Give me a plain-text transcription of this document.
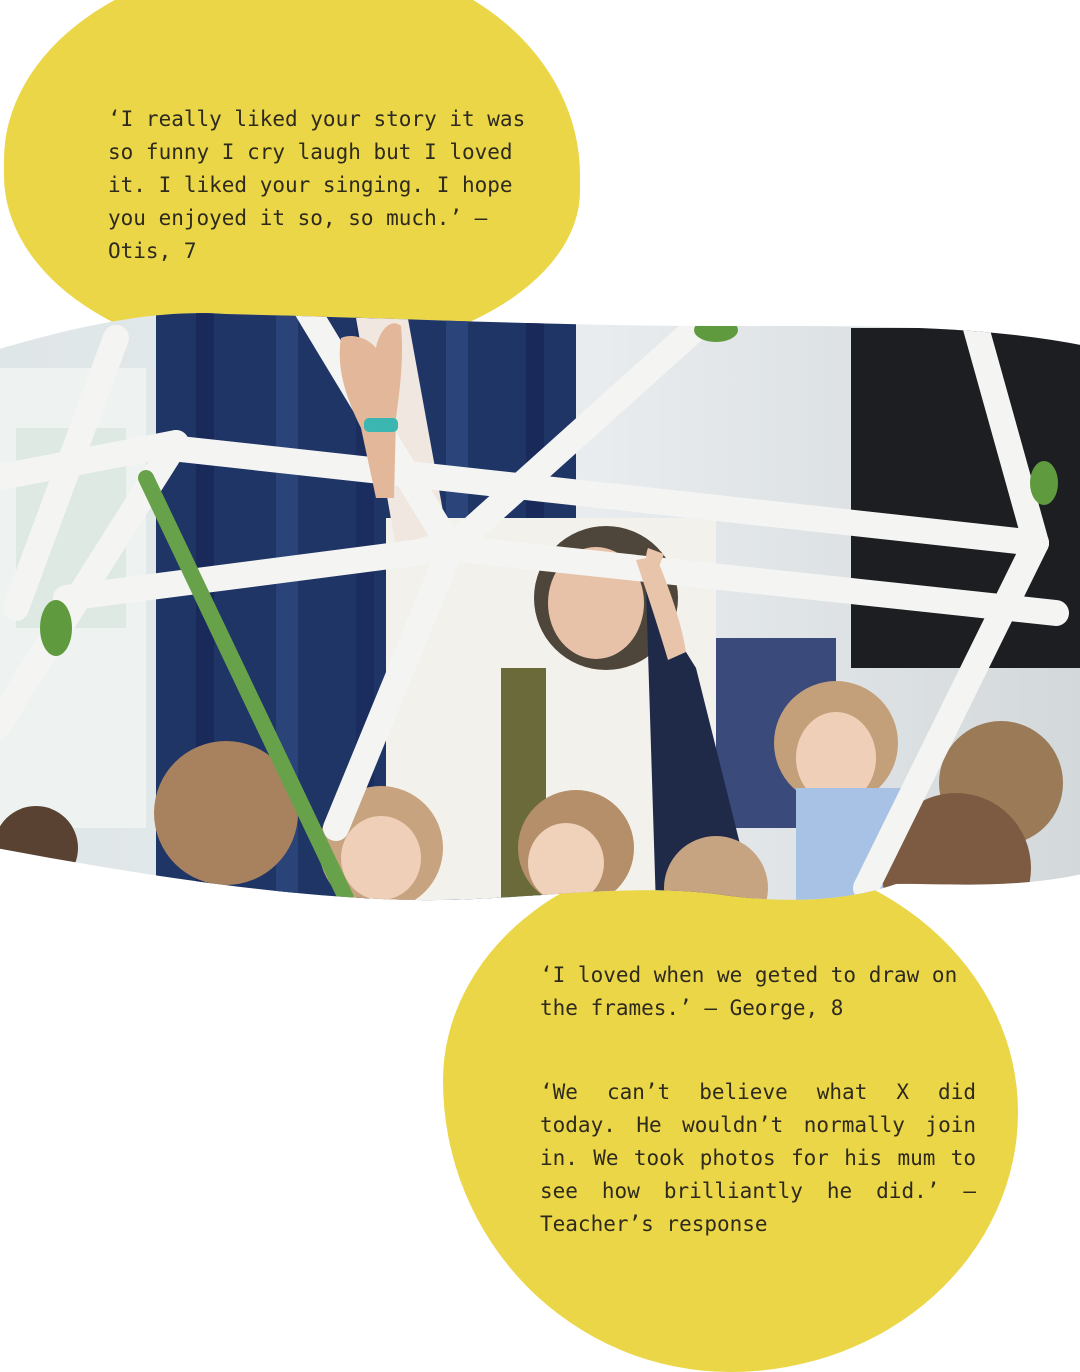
‘I really liked your story it was so funny I cry laugh but I loved it. I liked your singing. I hope you enjoyed it so, so much.’ – Otis, 7

‘I loved when we geted to draw on the frames.’ – George, 8

‘We can’t believe what X did today. He wouldn’t normally join in. We took photos for his mum to see how brilliantly he did.’ – Teacher’s response
